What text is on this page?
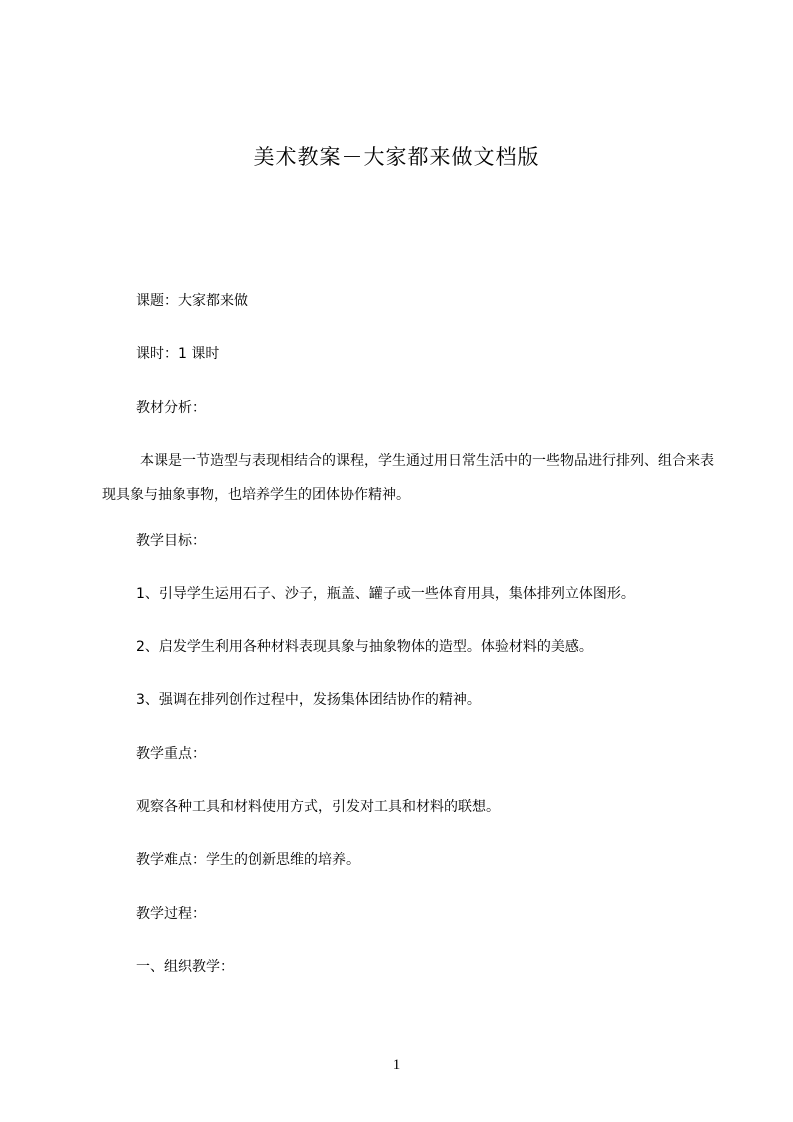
美术教案－大家都来做文档版
课题：大家都来做
课时：1 课时
教材分析：
本课是一节造型与表现相结合的课程，学生通过用日常生活中的一些物品进行排列、组合来表现具象与抽象事物，也培养学生的团体协作精神。
教学目标：
1、引导学生运用石子、沙子，瓶盖、罐子或一些体育用具，集体排列立体图形。
2、启发学生利用各种材料表现具象与抽象物体的造型。体验材料的美感。
3、强调在排列创作过程中，发扬集体团结协作的精神。
教学重点：
观察各种工具和材料使用方式，引发对工具和材料的联想。
教学难点：学生的创新思维的培养。
教学过程：
一、组织教学：
1
